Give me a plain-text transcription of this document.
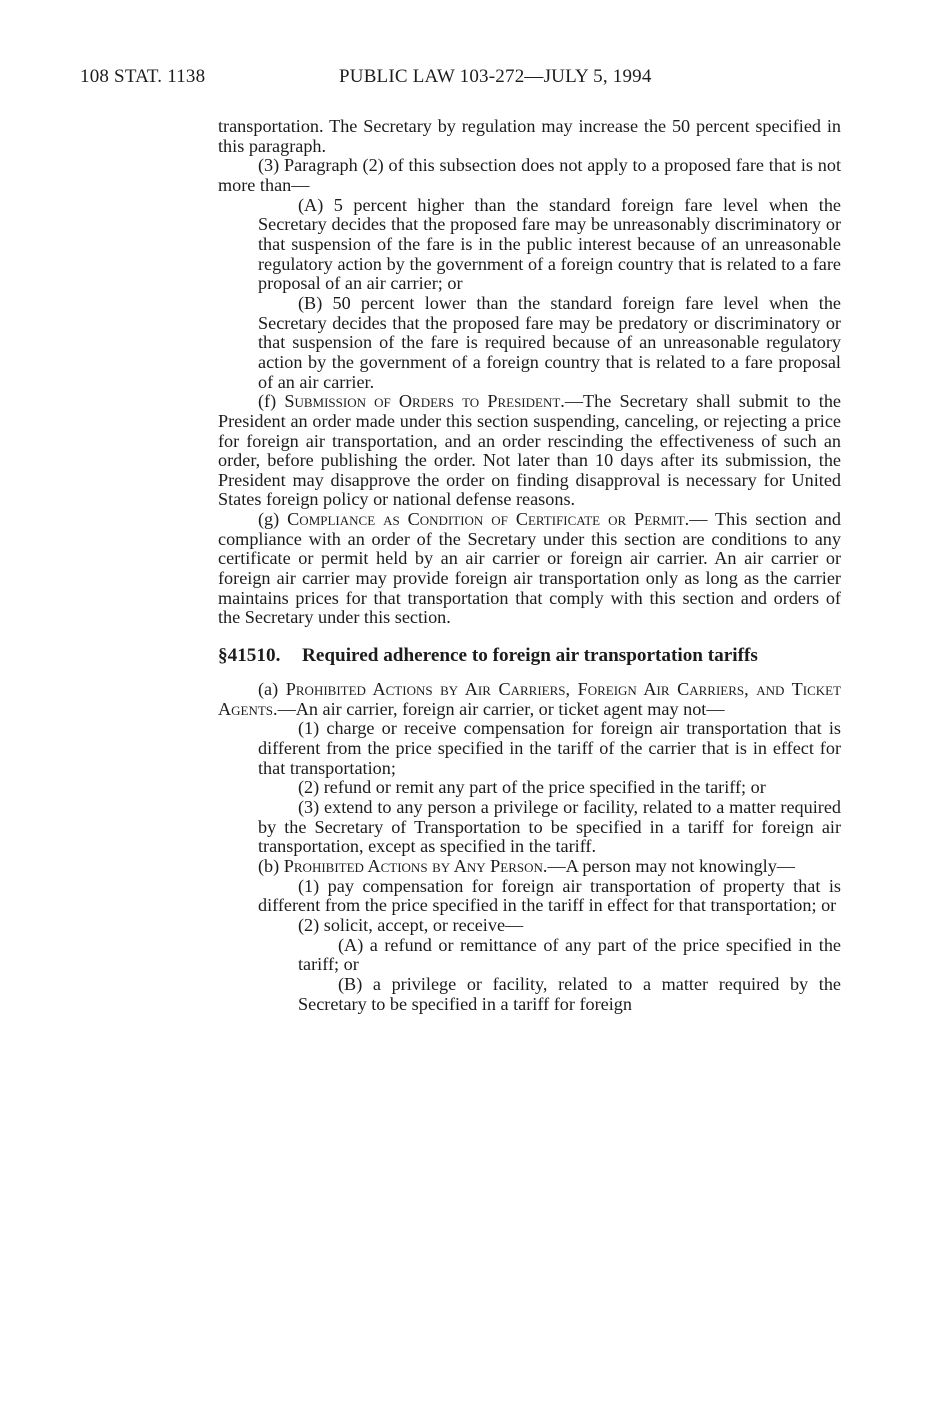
108 STAT. 1138	PUBLIC LAW 103-272—JULY 5, 1994

transportation. The Secretary by regulation may increase the 50 percent specified in this paragraph.

(3) Paragraph (2) of this subsection does not apply to a proposed fare that is not more than—

(A) 5 percent higher than the standard foreign fare level when the Secretary decides that the proposed fare may be unreasonably discriminatory or that suspension of the fare is in the public interest because of an unreasonable regulatory action by the government of a foreign country that is related to a fare proposal of an air carrier; or

(B) 50 percent lower than the standard foreign fare level when the Secretary decides that the proposed fare may be predatory or discriminatory or that suspension of the fare is required because of an unreasonable regulatory action by the government of a foreign country that is related to a fare proposal of an air carrier.

(f) Submission of Orders to President.—The Secretary shall submit to the President an order made under this section suspending, canceling, or rejecting a price for foreign air transportation, and an order rescinding the effectiveness of such an order, before publishing the order. Not later than 10 days after its submission, the President may disapprove the order on finding disapproval is necessary for United States foreign policy or national defense reasons.

(g) Compliance as Condition of Certificate or Permit.— This section and compliance with an order of the Secretary under this section are conditions to any certificate or permit held by an air carrier or foreign air carrier. An air carrier or foreign air carrier may provide foreign air transportation only as long as the carrier maintains prices for that transportation that comply with this section and orders of the Secretary under this section.

§41510. Required adherence to foreign air transportation tariffs

(a) Prohibited Actions by Air Carriers, Foreign Air Carriers, and Ticket Agents.—An air carrier, foreign air carrier, or ticket agent may not—

(1) charge or receive compensation for foreign air transportation that is different from the price specified in the tariff of the carrier that is in effect for that transportation;

(2) refund or remit any part of the price specified in the tariff; or

(3) extend to any person a privilege or facility, related to a matter required by the Secretary of Transportation to be specified in a tariff for foreign air transportation, except as specified in the tariff.

(b) Prohibited Actions by Any Person.—A person may not knowingly—

(1) pay compensation for foreign air transportation of property that is different from the price specified in the tariff in effect for that transportation; or

(2) solicit, accept, or receive—

(A) a refund or remittance of any part of the price specified in the tariff; or

(B) a privilege or facility, related to a matter required by the Secretary to be specified in a tariff for foreign
